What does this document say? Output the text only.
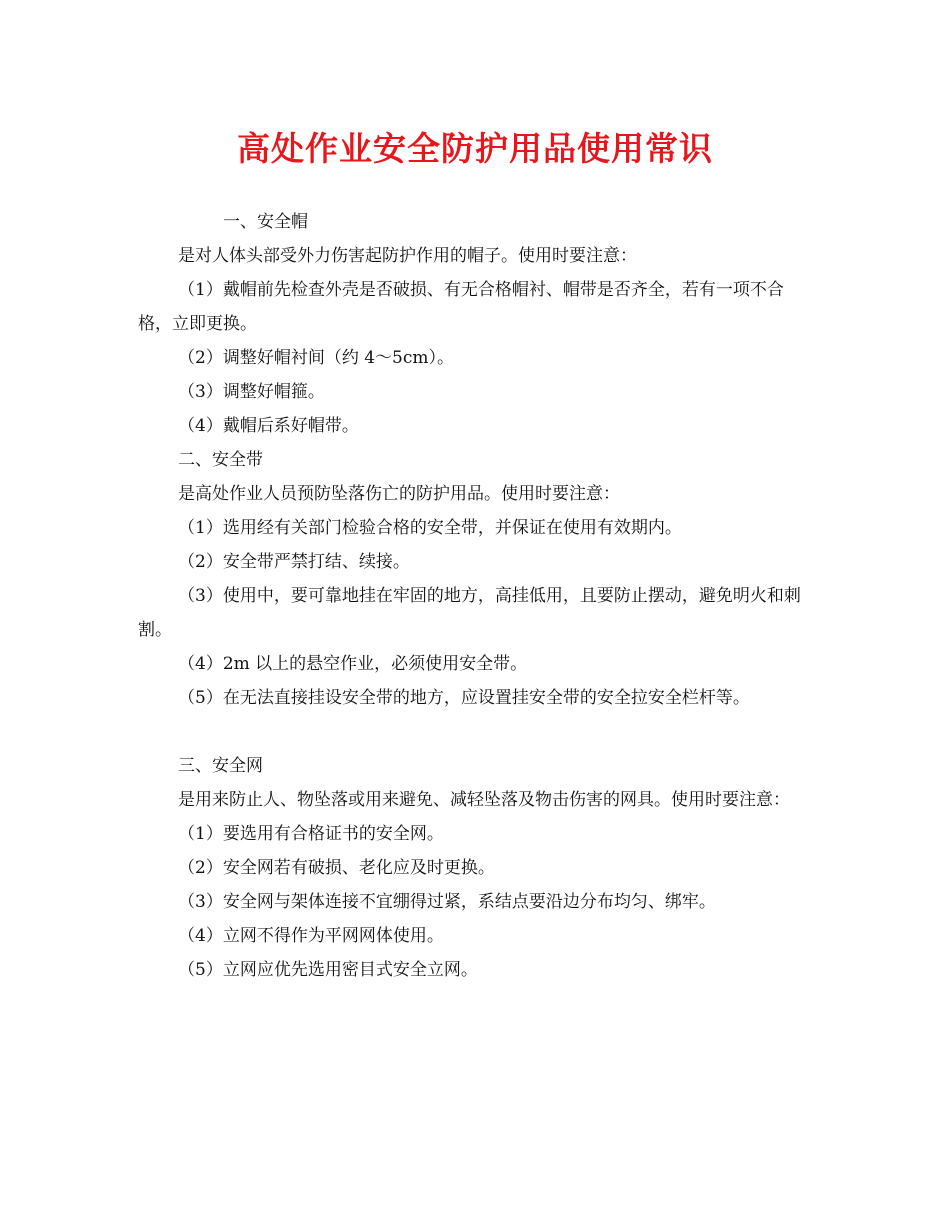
高处作业安全防护用品使用常识

一、安全帽

是对人体头部受外力伤害起防护作用的帽子。使用时要注意：

（1）戴帽前先检查外壳是否破损、有无合格帽衬、帽带是否齐全，若有一项不合格，立即更换。

（2）调整好帽衬间（约 4～5cm）。

（3）调整好帽箍。

（4）戴帽后系好帽带。

二、安全带

是高处作业人员预防坠落伤亡的防护用品。使用时要注意：

（1）选用经有关部门检验合格的安全带，并保证在使用有效期内。

（2）安全带严禁打结、续接。

（3）使用中，要可靠地挂在牢固的地方，高挂低用，且要防止摆动，避免明火和刺割。

（4）2m 以上的悬空作业，必须使用安全带。

（5）在无法直接挂设安全带的地方，应设置挂安全带的安全拉安全栏杆等。

三、安全网

是用来防止人、物坠落或用来避免、减轻坠落及物击伤害的网具。使用时要注意：

（1）要选用有合格证书的安全网。

（2）安全网若有破损、老化应及时更换。

（3）安全网与架体连接不宜绷得过紧，系结点要沿边分布均匀、绑牢。

（4）立网不得作为平网网体使用。

（5）立网应优先选用密目式安全立网。
